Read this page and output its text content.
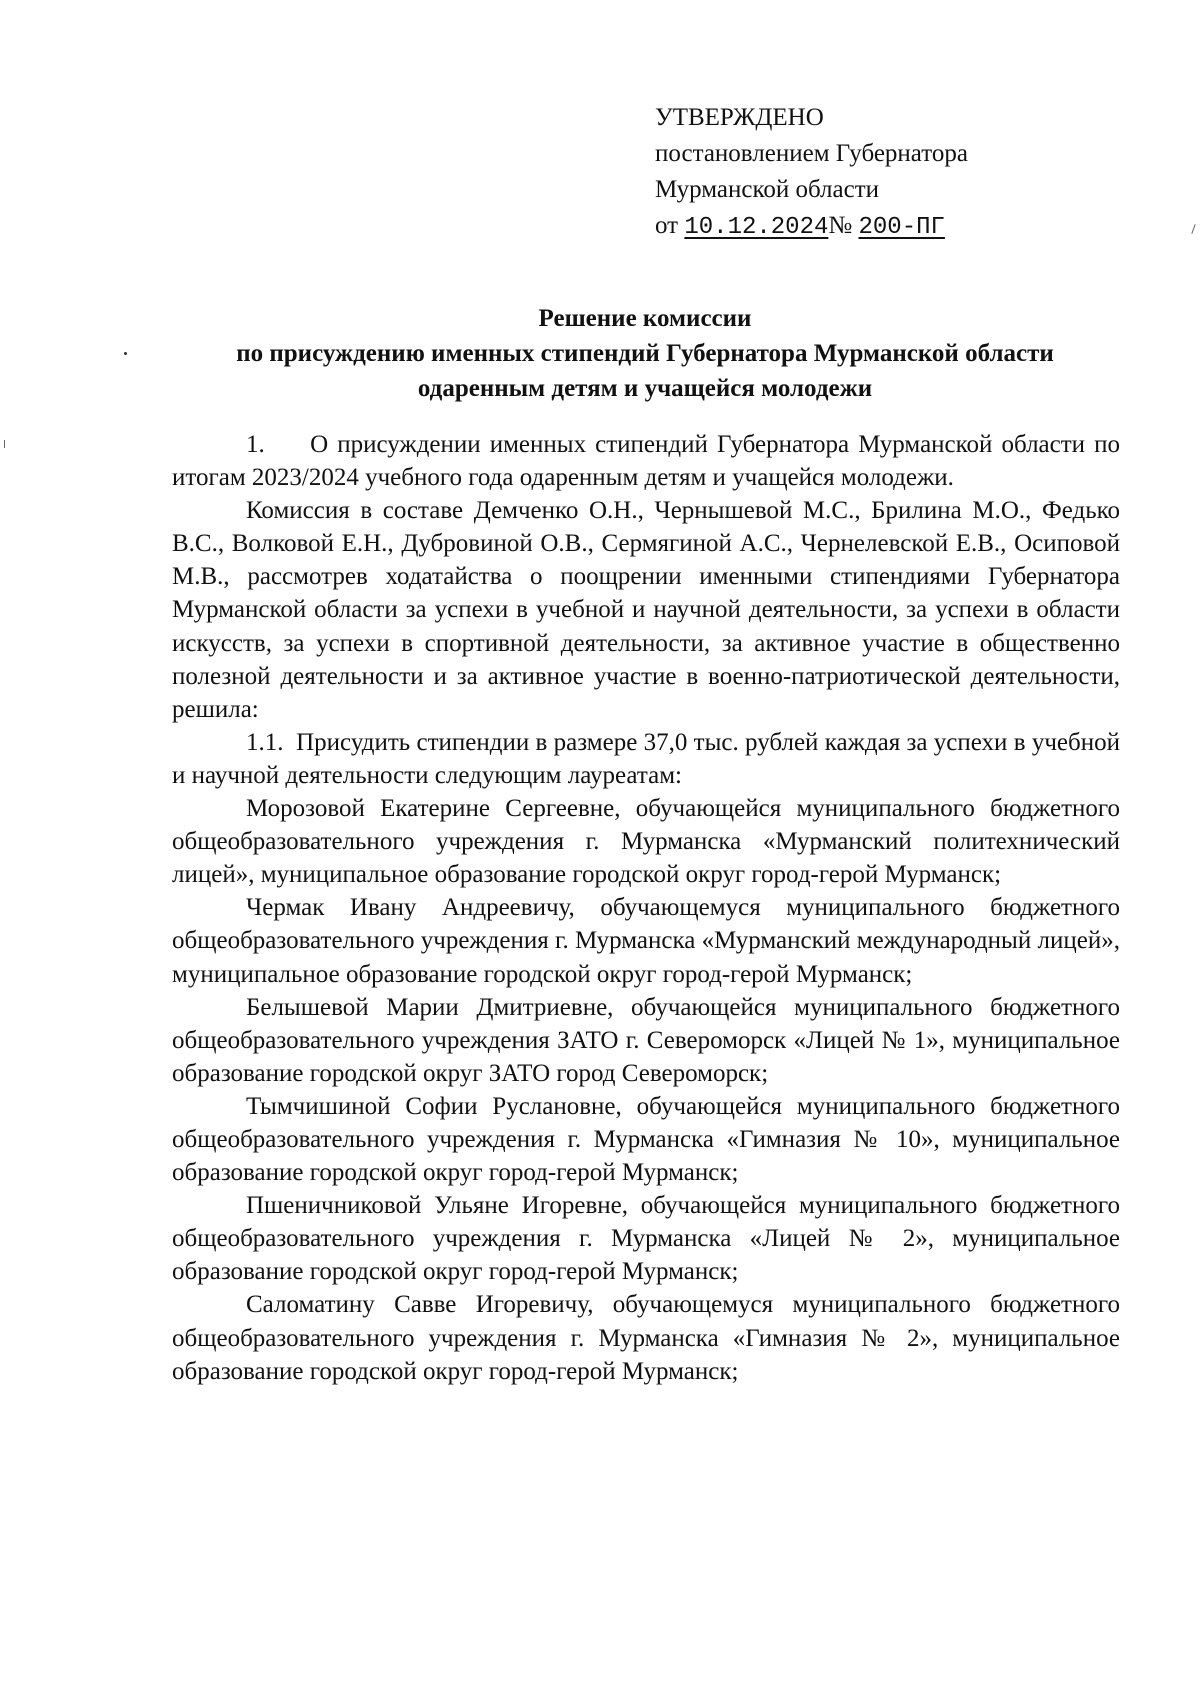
УТВЕРЖДЕНО
постановлением Губернатора
Мурманской области
от 10.12.2024№ 200-ПГ
Решение комиссии
по присуждению именных стипендий Губернатора Мурманской области
одаренным детям и учащейся молодежи

1.     О присуждении именных стипендий Губернатора Мурманской области по итогам 2023/2024 учебного года одаренным детям и учащейся молодежи.

Комиссия в составе Демченко О.Н., Чернышевой М.С., Брилина М.О., Федько В.С., Волковой Е.Н., Дубровиной О.В., Сермягиной А.С., Чернелевской Е.В., Осиповой М.В., рассмотрев ходатайства о поощрении именными стипендиями Губернатора Мурманской области за успехи в учебной и научной деятельности, за успехи в области искусств, за успехи в спортивной деятельности, за активное участие в общественно полезной деятельности и за активное участие в военно-патриотической деятельности, решила:

1.1.  Присудить стипендии в размере 37,0 тыс. рублей каждая за успехи в учебной и научной деятельности следующим лауреатам:

Морозовой Екатерине Сергеевне, обучающейся муниципального бюджетного общеобразовательного учреждения г. Мурманска «Мурманский политехнический лицей», муниципальное образование городской округ город-герой Мурманск;

Чермак Ивану Андреевичу, обучающемуся муниципального бюджетного общеобразовательного учреждения г. Мурманска «Мурманский международный лицей», муниципальное образование городской округ город-герой Мурманск;

Белышевой Марии Дмитриевне, обучающейся муниципального бюджетного общеобразовательного учреждения ЗАТО г. Североморск «Лицей № 1», муниципальное образование городской округ ЗАТО город Североморск;

Тымчишиной Софии Руслановне, обучающейся муниципального бюджетного общеобразовательного учреждения г. Мурманска «Гимназия № 10», муниципальное образование городской округ город-герой Мурманск;

Пшеничниковой Ульяне Игоревне, обучающейся муниципального бюджетного общеобразовательного учреждения г. Мурманска «Лицей № 2», муниципальное образование городской округ город-герой Мурманск;

Саломатину Савве Игоревичу, обучающемуся муниципального бюджетного общеобразовательного учреждения г. Мурманска «Гимназия № 2», муниципальное образование городской округ город-герой Мурманск;
